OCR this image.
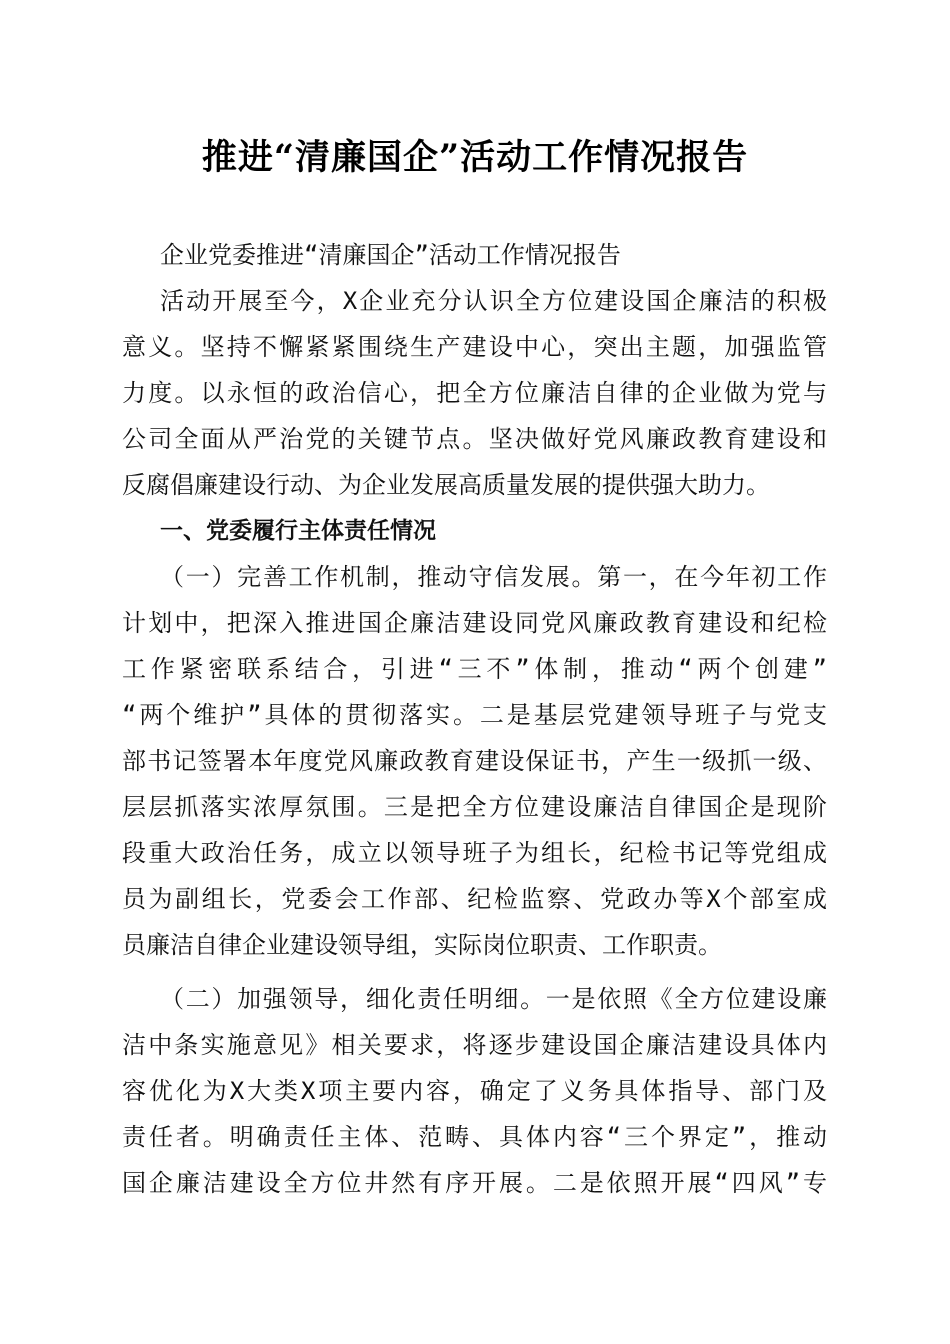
推进“清廉国企”活动工作情况报告
企业党委推进“清廉国企”活动工作情况报告
活动开展至今，X企业充分认识全方位建设国企廉洁的积极
意义。坚持不懈紧紧围绕生产建设中心，突出主题，加强监管
力度。以永恒的政治信心，把全方位廉洁自律的企业做为党与
公司全面从严治党的关键节点。坚决做好党风廉政教育建设和
反腐倡廉建设行动、为企业发展高质量发展的提供强大助力。
一、党委履行主体责任情况
（一）完善工作机制，推动守信发展。第一，在今年初工作
计划中，把深入推进国企廉洁建设同党风廉政教育建设和纪检
工作紧密联系结合，引进“三不”体制，推动“两个创建”
“两个维护”具体的贯彻落实。二是基层党建领导班子与党支
部书记签署本年度党风廉政教育建设保证书，产生一级抓一级、
层层抓落实浓厚氛围。三是把全方位建设廉洁自律国企是现阶
段重大政治任务，成立以领导班子为组长，纪检书记等党组成
员为副组长，党委会工作部、纪检监察、党政办等X个部室成
员廉洁自律企业建设领导组，实际岗位职责、工作职责。
（二）加强领导，细化责任明细。一是依照《全方位建设廉
洁中条实施意见》相关要求，将逐步建设国企廉洁建设具体内
容优化为X大类X项主要内容，确定了义务具体指导、部门及
责任者。明确责任主体、范畴、具体内容“三个界定”，推动
国企廉洁建设全方位井然有序开展。二是依照开展“四风”专
